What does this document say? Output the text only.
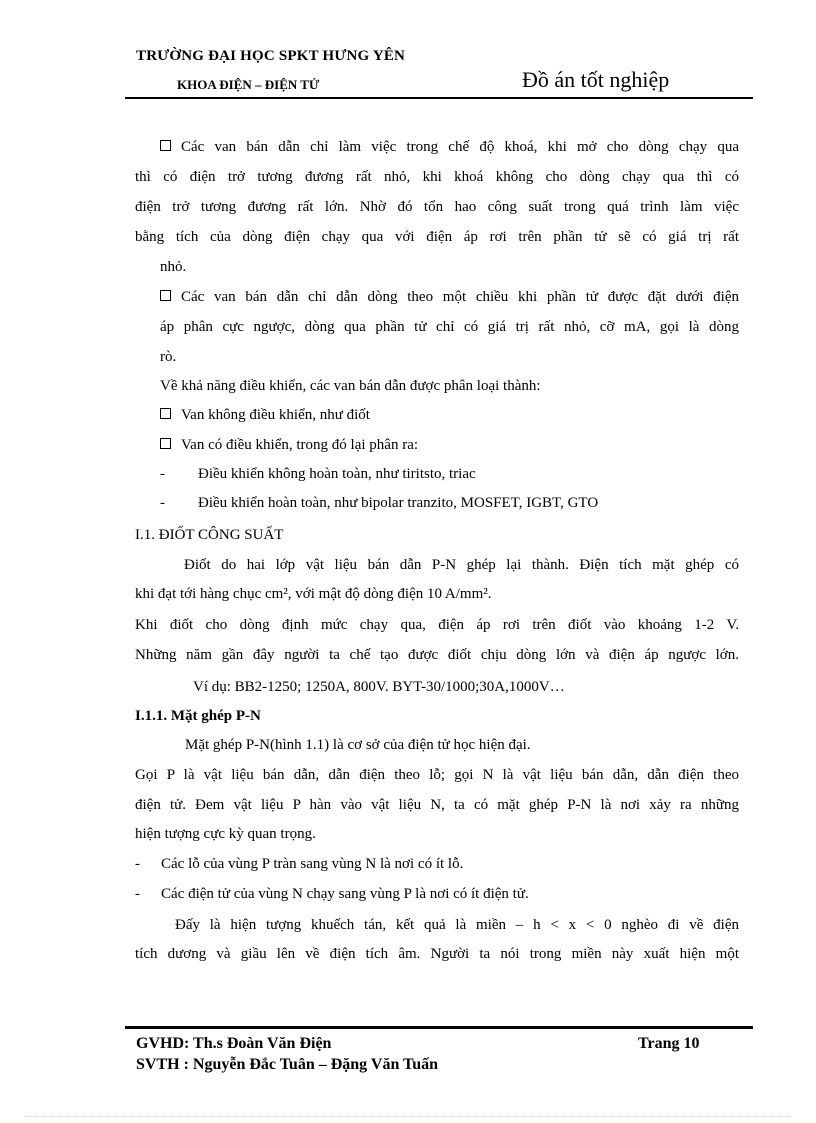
TRƯỜNG ĐẠI HỌC SPKT HƯNG YÊN
KHOA ĐIỆN – ĐIỆN TỬ	Đồ án tốt nghiệp
Các van bán dẫn chỉ làm việc trong chế độ khoá, khi mở cho dòng chạy qua
thì có điện trở tương đương rất nhỏ, khi khoá không cho dòng chạy qua thì có
điện trở tương đương rất lớn. Nhờ đó tổn hao công suất trong quá trình làm việc
bằng tích của dòng điện chạy qua với điện áp rơi trên phần tử sẽ có giá trị rất
nhỏ.
Các van bán dẫn chỉ dẫn dòng theo một chiều khi phần tử được đặt dưới điện
áp phân cực ngược, dòng qua phần tử chỉ có giá trị rất nhỏ, cỡ mA, gọi là dòng
rò.
Về khả năng điều khiển, các van bán dẫn được phân loại thành:
Van không điều khiển, như điốt
Van có điều khiển, trong đó lại phân ra:
- Điều khiển không hoàn toàn, như tiritsto, triac
- Điều khiển hoàn toàn, như bipolar tranzito, MOSFET, IGBT, GTO
I.1. ĐIỐT CÔNG SUẤT
Điốt do hai lớp vật liệu bán dẫn P-N ghép lại thành. Điện tích mặt ghép có
khi đạt tới hàng chục cm², với mật độ dòng điện 10 A/mm².
Khi điốt cho dòng định mức chạy qua, điện áp rơi trên điốt vào khoảng 1-2 V.
Những năm gần đây người ta chế tạo được điốt chịu dòng lớn và điện áp ngược lớn.
Ví dụ: BB2-1250; 1250A, 800V. BYT-30/1000;30A,1000V…
I.1.1. Mặt ghép P-N
Mặt ghép P-N(hình 1.1) là cơ sở của điện tử học hiện đại.
Gọi P là vật liệu bán dẫn, dẫn điện theo lỗ; gọi N là vật liệu bán dẫn, dẫn điện theo
điện tử. Đem vật liệu P hàn vào vật liệu N, ta có mặt ghép P-N là nơi xảy ra những
hiện tượng cực kỳ quan trọng.
- Các lỗ của vùng P tràn sang vùng N là nơi có ít lỗ.
- Các điện tử của vùng N chạy sang vùng P là nơi có ít điện tử.
Đấy là hiện tượng khuếch tán, kết quả là miền – h < x < 0 nghèo đi về điện
tích dương và giầu lên về điện tích âm. Người ta nói trong miền này xuất hiện một
GVHD: Th.s Đoàn Văn Điện	Trang 10
SVTH : Nguyễn Đắc Tuân – Đặng Văn Tuấn
